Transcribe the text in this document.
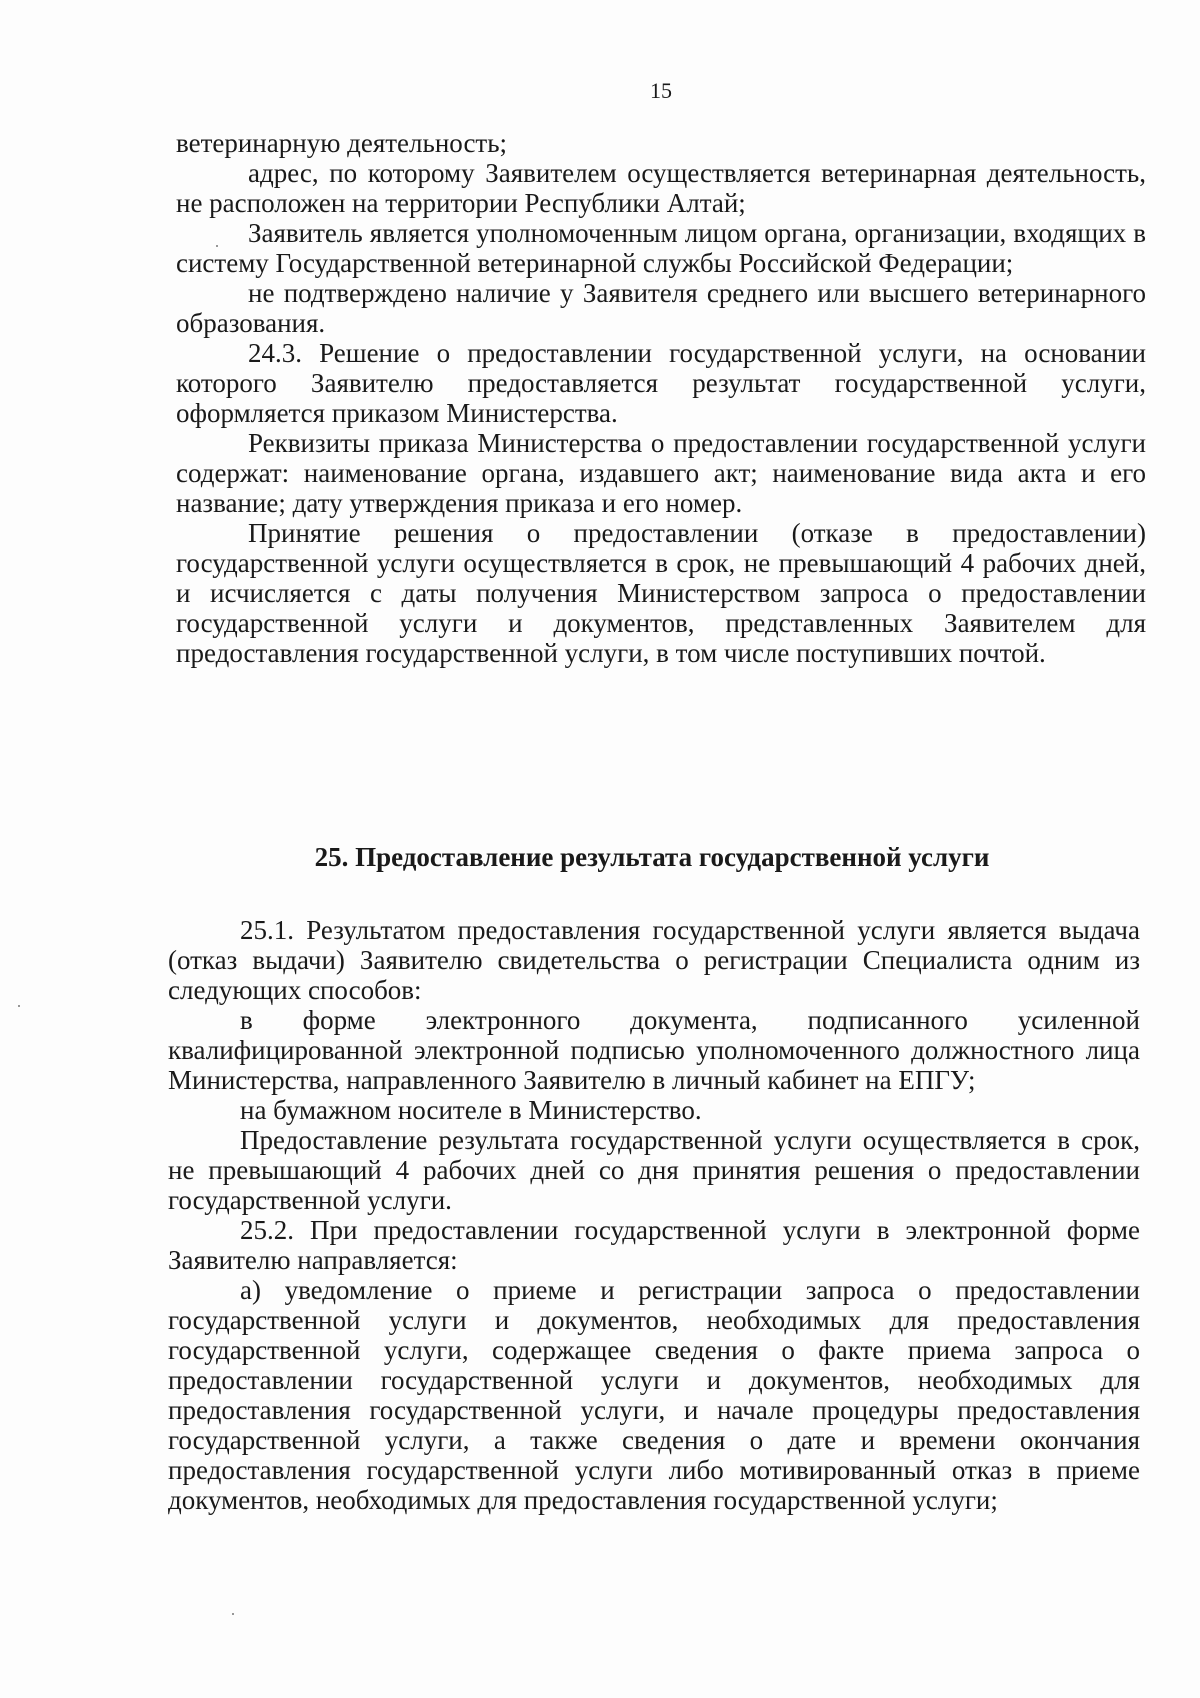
15

ветеринарную деятельность;

адрес, по которому Заявителем осуществляется ветеринарная деятельность, не расположен на территории Республики Алтай;

Заявитель является уполномоченным лицом органа, организации, входящих в систему Государственной ветеринарной службы Российской Федерации;

не подтверждено наличие у Заявителя среднего или высшего ветеринарного образования.

24.3. Решение о предоставлении государственной услуги, на основании которого Заявителю предоставляется результат государственной услуги, оформляется приказом Министерства.

Реквизиты приказа Министерства о предоставлении государственной услуги содержат: наименование органа, издавшего акт; наименование вида акта и его название; дату утверждения приказа и его номер.

Принятие решения о предоставлении (отказе в предоставлении) государственной услуги осуществляется в срок, не превышающий 4 рабочих дней, и исчисляется с даты получения Министерством запроса о предоставлении государственной услуги и документов, представленных Заявителем для предоставления государственной услуги, в том числе поступивших почтой.

25. Предоставление результата государственной услуги

25.1. Результатом предоставления государственной услуги является выдача (отказ выдачи) Заявителю свидетельства о регистрации Специалиста одним из следующих способов:

в форме электронного документа, подписанного усиленной квалифицированной электронной подписью уполномоченного должностного лица Министерства, направленного Заявителю в личный кабинет на ЕПГУ;

на бумажном носителе в Министерство.

Предоставление результата государственной услуги осуществляется в срок, не превышающий 4 рабочих дней со дня принятия решения о предоставлении государственной услуги.

25.2. При предоставлении государственной услуги в электронной форме Заявителю направляется:

а) уведомление о приеме и регистрации запроса о предоставлении государственной услуги и документов, необходимых для предоставления государственной услуги, содержащее сведения о факте приема запроса о предоставлении государственной услуги и документов, необходимых для предоставления государственной услуги, и начале процедуры предоставления государственной услуги, а также сведения о дате и времени окончания предоставления государственной услуги либо мотивированный отказ в приеме документов, необходимых для предоставления государственной услуги;
